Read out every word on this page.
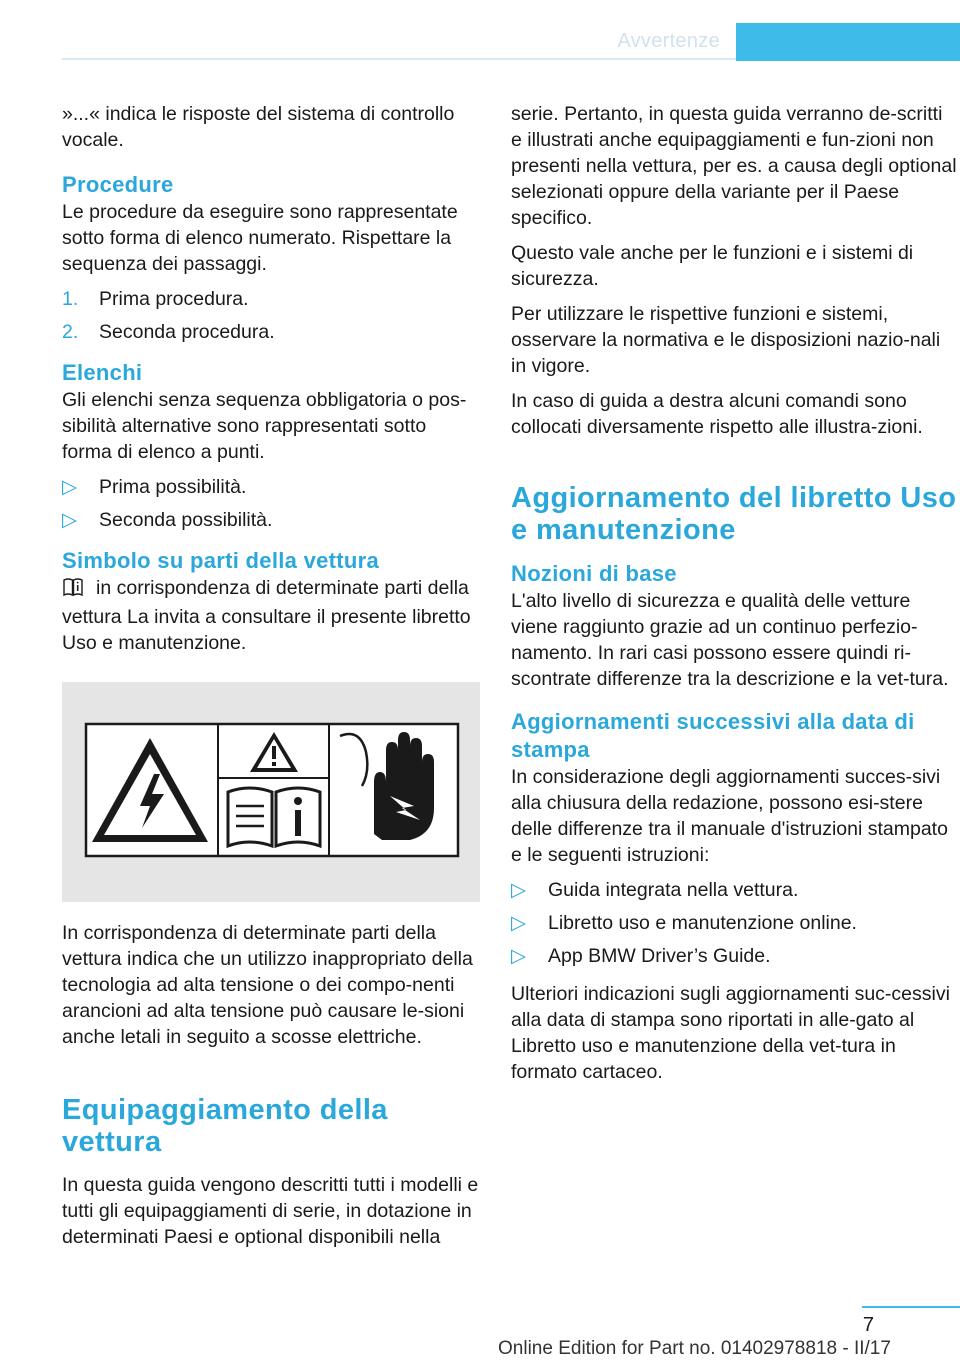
Avvertenze

»...« indica le risposte del sistema di controllo vocale.

Procedure

Le procedure da eseguire sono rappresentate sotto forma di elenco numerato. Rispettare la sequenza dei passaggi.

1.	Prima procedura.
2.	Seconda procedura.
Elenchi

Gli elenchi senza sequenza obbligatoria o pos‐sibilità alternative sono rappresentati sotto forma di elenco a punti.

▷	Prima possibilità.
▷	Seconda possibilità.
Simbolo su parti della vettura

in corrispondenza di determinate parti della vettura La invita a consultare il presente libretto Uso e manutenzione.

In corrispondenza di determinate parti della vettura indica che un utilizzo inappropriato della tecnologia ad alta tensione o dei compo‐nenti arancioni ad alta tensione può causare le‐sioni anche letali in seguito a scosse elettriche.

Equipaggiamento della vettura

In questa guida vengono descritti tutti i modelli e tutti gli equipaggiamenti di serie, in dotazione in determinati Paesi e optional disponibili nella

serie. Pertanto, in questa guida verranno de‐scritti e illustrati anche equipaggiamenti e fun‐zioni non presenti nella vettura, per es. a causa degli optional selezionati oppure della variante per il Paese specifico.

Questo vale anche per le funzioni e i sistemi di sicurezza.

Per utilizzare le rispettive funzioni e sistemi, osservare la normativa e le disposizioni nazio‐nali in vigore.

In caso di guida a destra alcuni comandi sono collocati diversamente rispetto alle illustra‐zioni.

Aggiornamento del libretto Uso e manutenzione
Nozioni di base

L'alto livello di sicurezza e qualità delle vetture viene raggiunto grazie ad un continuo perfezio‐namento. In rari casi possono essere quindi ri‐scontrate differenze tra la descrizione e la vet‐tura.

Aggiornamenti successivi alla data di stampa

In considerazione degli aggiornamenti succes‐sivi alla chiusura della redazione, possono esi‐stere delle differenze tra il manuale d'istruzioni stampato e le seguenti istruzioni:

▷	Guida integrata nella vettura.
▷	Libretto uso e manutenzione online.
▷	App BMW Driver’s Guide.

Ulteriori indicazioni sugli aggiornamenti suc‐cessivi alla data di stampa sono riportati in alle‐gato al Libretto uso e manutenzione della vet‐tura in formato cartaceo.

7
Online Edition for Part no. 01402978818 - II/17
